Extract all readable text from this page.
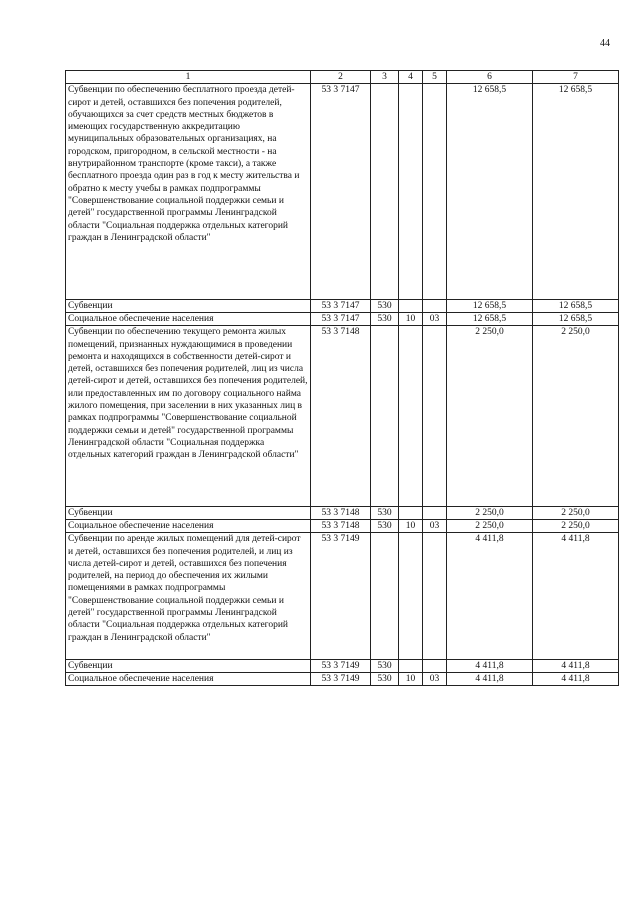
44
1	2	3	4	5	6	7
Субвенции по обеспечению бесплатного проезда детей-сирот и детей, оставшихся без попечения родителей, обучающихся за счет средств местных бюджетов в имеющих государственную аккредитацию муниципальных образовательных организациях, на городском, пригородном, в сельской местности - на внутрирайонном транспорте (кроме такси), а также бесплатного проезда один раз в год к месту жительства и обратно к месту учебы в рамках подпрограммы "Совершенствование социальной поддержки семьи и детей" государственной программы Ленинградской области "Социальная поддержка отдельных категорий граждан в Ленинградской области"	53 3 7147				12 658,5	12 658,5
Субвенции	53 3 7147	530			12 658,5	12 658,5
Социальное обеспечение населения	53 3 7147	530	10	03	12 658,5	12 658,5
Субвенции по обеспечению текущего ремонта жилых помещений, признанных нуждающимися в проведении ремонта и находящихся в собственности детей-сирот и детей, оставшихся без попечения родителей, лиц из числа детей-сирот и детей, оставшихся без попечения родителей, или предоставленных им по договору социального найма жилого помещения, при заселении в них указанных лиц в рамках подпрограммы "Совершенствование социальной поддержки семьи и детей" государственной программы Ленинградской области "Социальная поддержка отдельных категорий граждан в Ленинградской области"	53 3 7148				2 250,0	2 250,0
Субвенции	53 3 7148	530			2 250,0	2 250,0
Социальное обеспечение населения	53 3 7148	530	10	03	2 250,0	2 250,0
Субвенции по аренде жилых помещений для детей-сирот и детей, оставшихся без попечения родителей, и лиц из числа детей-сирот и детей, оставшихся без попечения родителей, на период до обеспечения их жилыми помещениями в рамках подпрограммы "Совершенствование социальной поддержки семьи и детей" государственной программы Ленинградской области "Социальная поддержка отдельных категорий граждан в Ленинградской области"	53 3 7149				4 411,8	4 411,8
Субвенции	53 3 7149	530			4 411,8	4 411,8
Социальное обеспечение населения	53 3 7149	530	10	03	4 411,8	4 411,8
